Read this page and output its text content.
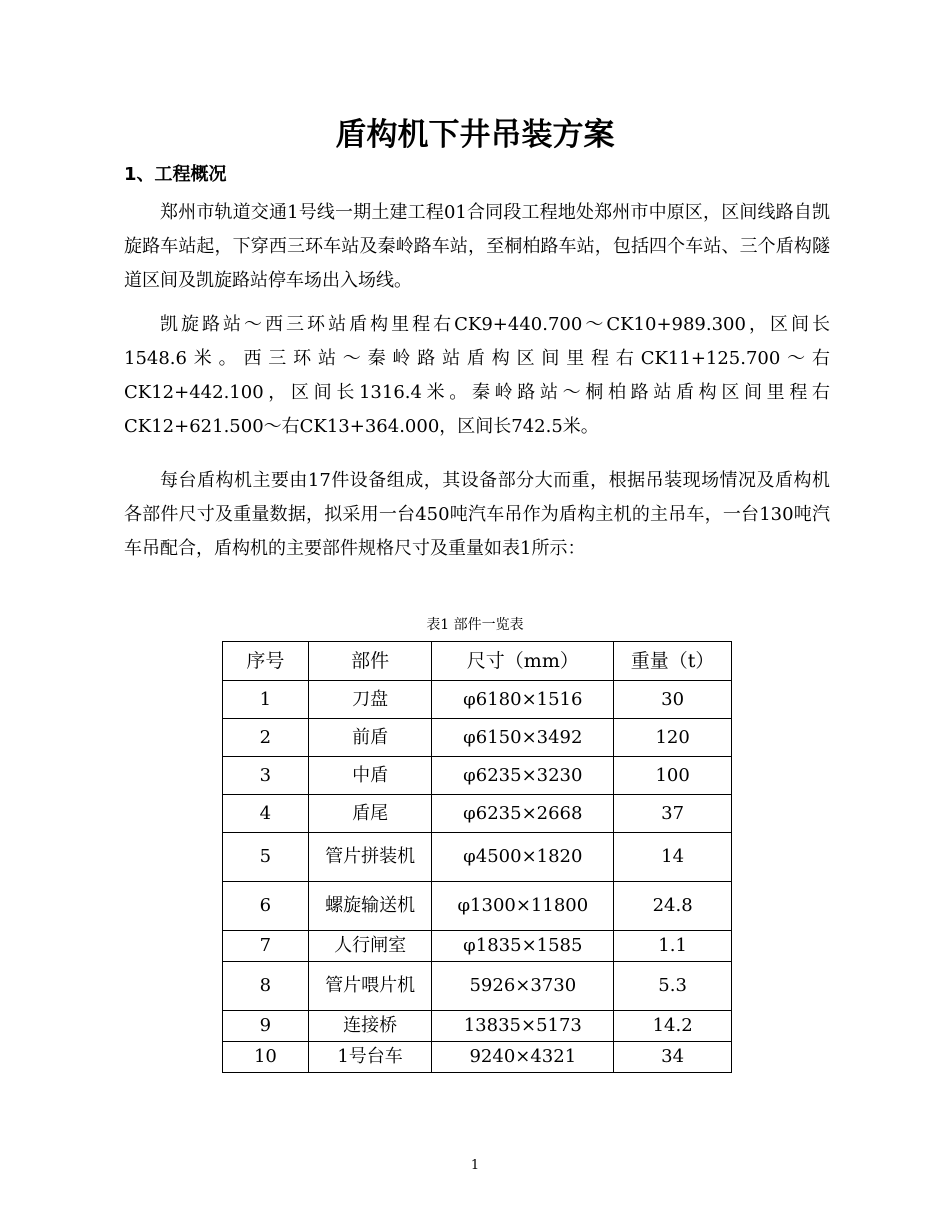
盾构机下井吊装方案
1、工程概况

郑州市轨道交通1号线一期土建工程01合同段工程地处郑州市中原区，区间线路自凯旋路车站起，下穿西三环车站及秦岭路车站，至桐柏路车站，包括四个车站、三个盾构隧道区间及凯旋路站停车场出入场线。

凯旋路站～西三环站盾构里程右CK9+440.700～CK10+989.300，区间长1548.6米。西三环站～秦岭路站盾构区间里程右CK11+125.700～右CK12+442.100，区间长1316.4米。秦岭路站～桐柏路站盾构区间里程右CK12+621.500～右CK13+364.000，区间长742.5米。

每台盾构机主要由17件设备组成，其设备部分大而重，根据吊装现场情况及盾构机各部件尺寸及重量数据，拟采用一台450吨汽车吊作为盾构主机的主吊车，一台130吨汽车吊配合，盾构机的主要部件规格尺寸及重量如表1所示：

表1 部件一览表

序号	部件	尺寸（mm）	重量（t）
1	刀盘	φ6180×1516	30
2	前盾	φ6150×3492	120
3	中盾	φ6235×3230	100
4	盾尾	φ6235×2668	37
5	管片拼装机	φ4500×1820	14
6	螺旋输送机	φ1300×11800	24.8
7	人行闸室	φ1835×1585	1.1
8	管片喂片机	5926×3730	5.3
9	连接桥	13835×5173	14.2
10	1号台车	9240×4321	34

1
